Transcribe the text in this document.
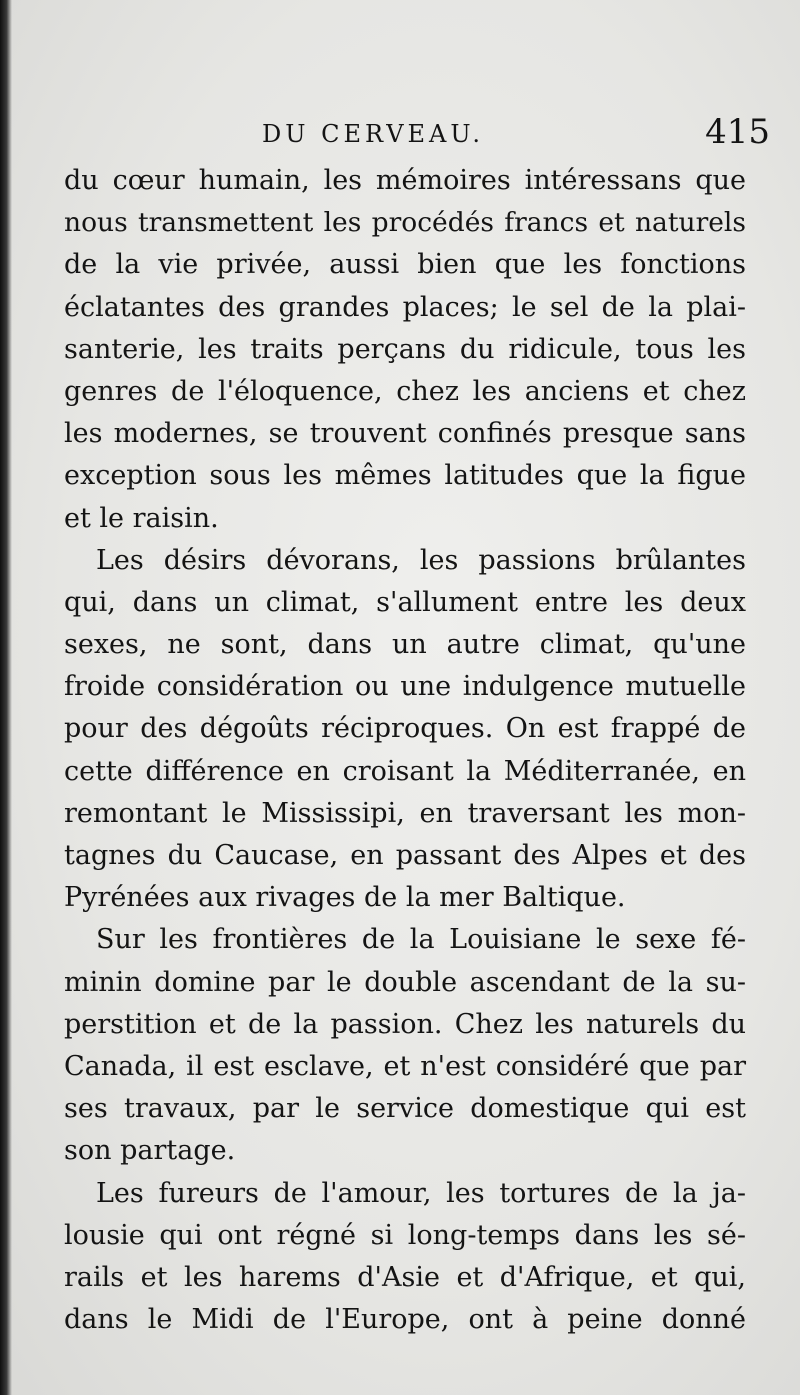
DU CERVEAU.	415
du cœur humain, les mémoires intéressans que
nous transmettent les procédés francs et naturels
de la vie privée, aussi bien que les fonctions
éclatantes des grandes places; le sel de la plai-
santerie, les traits perçans du ridicule, tous les
genres de l'éloquence, chez les anciens et chez
les modernes, se trouvent confinés presque sans
exception sous les mêmes latitudes que la figue
et le raisin.
Les désirs dévorans, les passions brûlantes
qui, dans un climat, s'allument entre les deux
sexes, ne sont, dans un autre climat, qu'une
froide considération ou une indulgence mutuelle
pour des dégoûts réciproques. On est frappé de
cette différence en croisant la Méditerranée, en
remontant le Mississipi, en traversant les mon-
tagnes du Caucase, en passant des Alpes et des
Pyrénées aux rivages de la mer Baltique.
Sur les frontières de la Louisiane le sexe fé-
minin domine par le double ascendant de la su-
perstition et de la passion. Chez les naturels du
Canada, il est esclave, et n'est considéré que par
ses travaux, par le service domestique qui est
son partage.
Les fureurs de l'amour, les tortures de la ja-
lousie qui ont régné si long-temps dans les sé-
rails et les harems d'Asie et d'Afrique, et qui,
dans le Midi de l'Europe, ont à peine donné
